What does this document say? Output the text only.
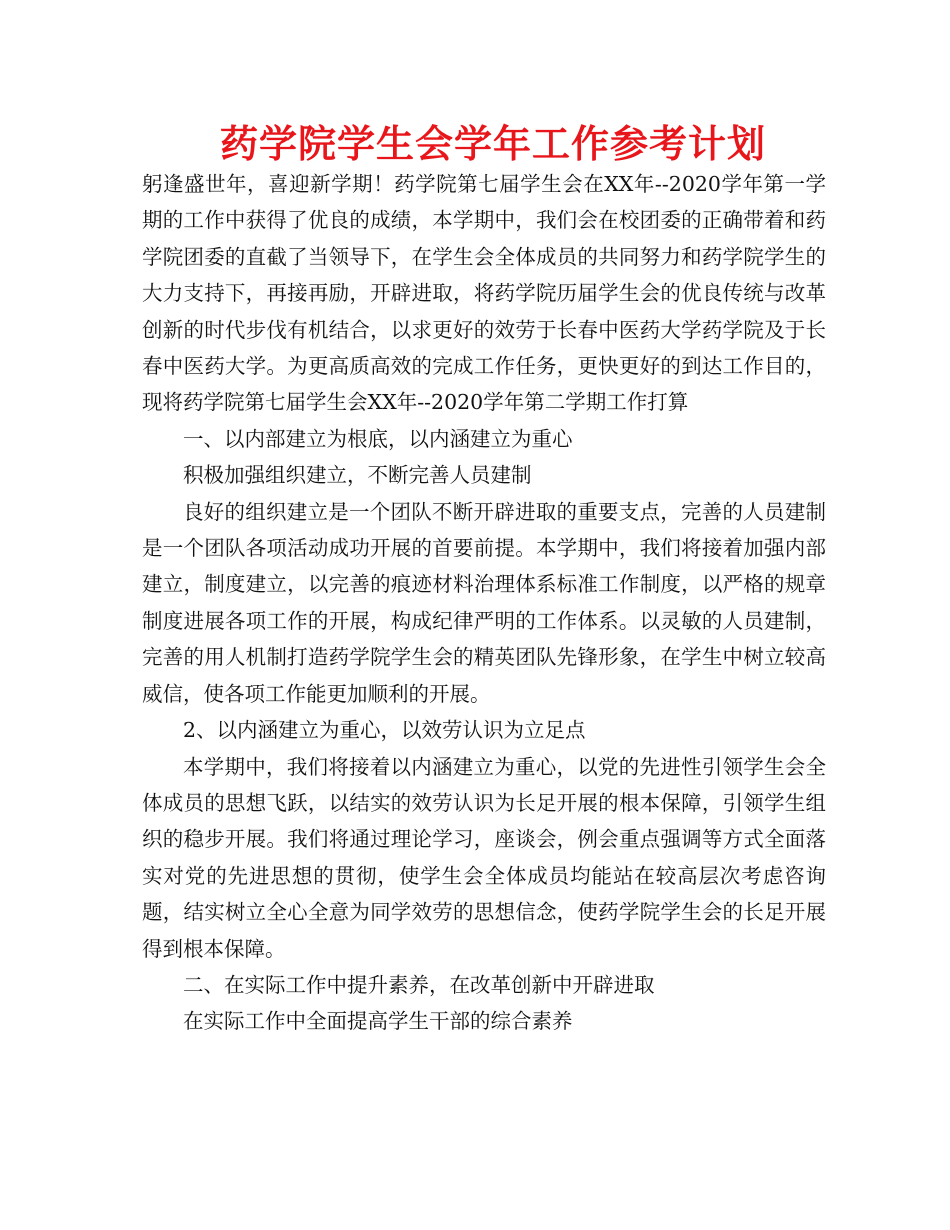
药学院学生会学年工作参考计划

躬逢盛世年，喜迎新学期！药学院第七届学生会在XX年--2020学年第一学期的工作中获得了优良的成绩，本学期中，我们会在校团委的正确带着和药学院团委的直截了当领导下，在学生会全体成员的共同努力和药学院学生的大力支持下，再接再励，开辟进取，将药学院历届学生会的优良传统与改革创新的时代步伐有机结合，以求更好的效劳于长春中医药大学药学院及于长春中医药大学。为更高质高效的完成工作任务，更快更好的到达工作目的，现将药学院第七届学生会XX年--2020学年第二学期工作打算

一、以内部建立为根底，以内涵建立为重心

积极加强组织建立，不断完善人员建制

良好的组织建立是一个团队不断开辟进取的重要支点，完善的人员建制是一个团队各项活动成功开展的首要前提。本学期中，我们将接着加强内部建立，制度建立，以完善的痕迹材料治理体系标准工作制度，以严格的规章制度进展各项工作的开展，构成纪律严明的工作体系。以灵敏的人员建制，完善的用人机制打造药学院学生会的精英团队先锋形象，在学生中树立较高威信，使各项工作能更加顺利的开展。

2、以内涵建立为重心，以效劳认识为立足点

本学期中，我们将接着以内涵建立为重心，以党的先进性引领学生会全体成员的思想飞跃，以结实的效劳认识为长足开展的根本保障，引领学生组织的稳步开展。我们将通过理论学习，座谈会，例会重点强调等方式全面落实对党的先进思想的贯彻，使学生会全体成员均能站在较高层次考虑咨询题，结实树立全心全意为同学效劳的思想信念，使药学院学生会的长足开展得到根本保障。

二、在实际工作中提升素养，在改革创新中开辟进取

在实际工作中全面提高学生干部的综合素养
